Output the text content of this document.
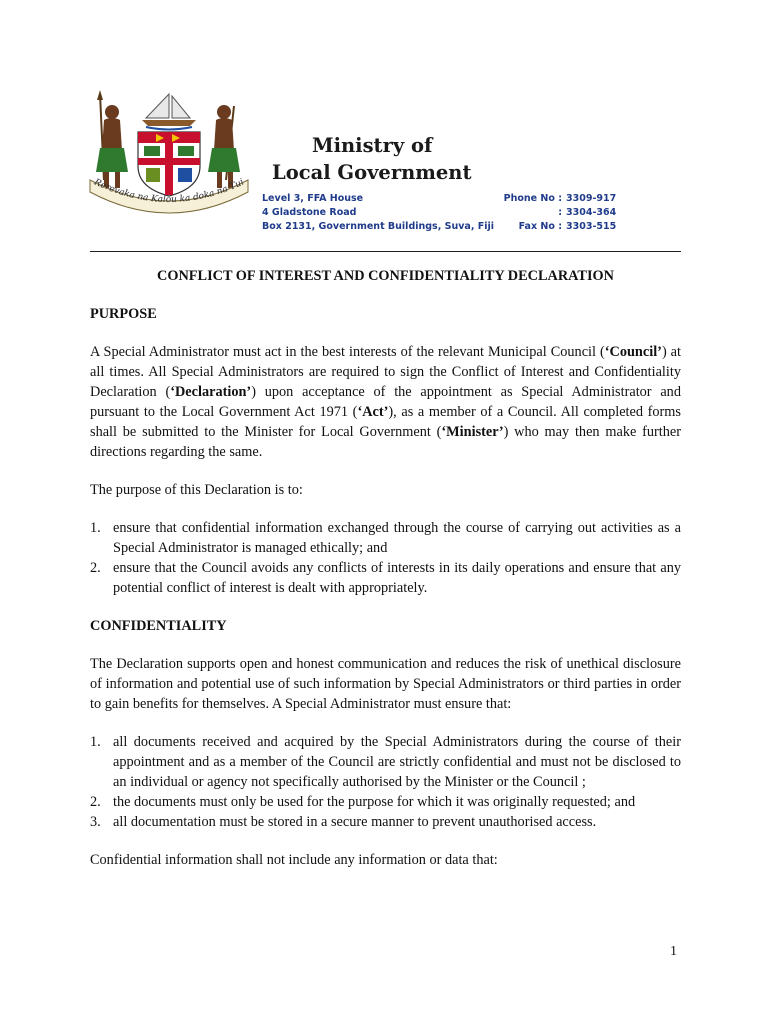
Rerevaka na Kalou ka doka na Tui
Ministry of
Local Government
Level 3, FFA House
4 Gladstone Road
Box 2131, Government Buildings, Suva, Fiji
Phone No : 3309-917
: 3304-364
Fax No : 3303-515
CONFLICT OF INTEREST AND CONFIDENTIALITY DECLARATION
PURPOSE

A Special Administrator must act in the best interests of the relevant Municipal Council (‘Council’) at all times. All Special Administrators are required to sign the Conflict of Interest and Confidentiality Declaration (‘Declaration’) upon acceptance of the appointment as Special Administrator and pursuant to the Local Government Act 1971 (‘Act’), as a member of a Council. All completed forms shall be submitted to the Minister for Local Government (‘Minister’) who may then make further directions regarding the same.

The purpose of this Declaration is to:

1. ensure that confidential information exchanged through the course of carrying out activities as a Special Administrator is managed ethically; and
2. ensure that the Council avoids any conflicts of interests in its daily operations and ensure that any potential conflict of interest is dealt with appropriately.
CONFIDENTIALITY

The Declaration supports open and honest communication and reduces the risk of unethical disclosure of information and potential use of such information by Special Administrators or third parties in order to gain benefits for themselves. A Special Administrator must ensure that:

1. all documents received and acquired by the Special Administrators during the course of their appointment and as a member of the Council are strictly confidential and must not be disclosed to an individual or agency not specifically authorised by the Minister or the Council ;
2. the documents must only be used for the purpose for which it was originally requested; and
3. all documentation must be stored in a secure manner to prevent unauthorised access.

Confidential information shall not include any information or data that:

1
